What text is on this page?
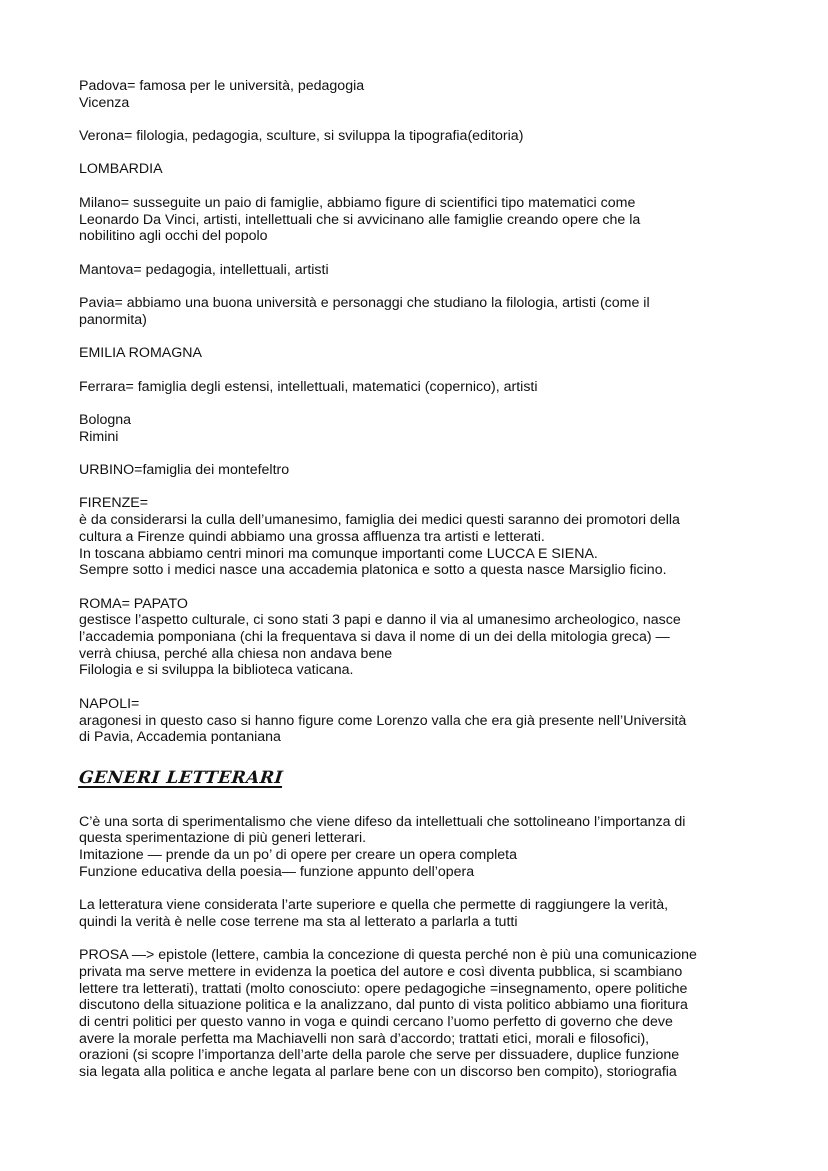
Padova= famosa per le università, pedagogia
Vicenza
Verona= filologia, pedagogia, sculture, si sviluppa la tipografia(editoria)
LOMBARDIA
Milano= susseguite un paio di famiglie, abbiamo figure di scientifici tipo matematici come
Leonardo Da Vinci, artisti, intellettuali che si avvicinano alle famiglie creando opere che la
nobilitino agli occhi del popolo
Mantova= pedagogia, intellettuali, artisti
Pavia= abbiamo una buona università e personaggi che studiano la filologia, artisti (come il
panormita)
EMILIA ROMAGNA
Ferrara= famiglia degli estensi, intellettuali, matematici (copernico), artisti
Bologna
Rimini
URBINO=famiglia dei montefeltro
FIRENZE=
è da considerarsi la culla dell’umanesimo, famiglia dei medici questi saranno dei promotori della
cultura a Firenze quindi abbiamo una grossa affluenza tra artisti e letterati.
In toscana abbiamo centri minori ma comunque importanti come LUCCA E SIENA.
Sempre sotto i medici nasce una accademia platonica e sotto a questa nasce Marsiglio ficino.
ROMA= PAPATO
gestisce l’aspetto culturale, ci sono stati 3 papi e danno il via al umanesimo archeologico, nasce
l’accademia pomponiana (chi la frequentava si dava il nome di un dei della mitologia greca) —
verrà chiusa, perché alla chiesa non andava bene
Filologia e si sviluppa la biblioteca vaticana.
NAPOLI=
aragonesi in questo caso si hanno figure come Lorenzo valla che era già presente nell’Università
di Pavia, Accademia pontaniana
GENERI LETTERARI
C’è una sorta di sperimentalismo che viene difeso da intellettuali che sottolineano l’importanza di
questa sperimentazione di più generi letterari.
Imitazione — prende da un po’ di opere per creare un opera completa
Funzione educativa della poesia— funzione appunto dell’opera
La letteratura viene considerata l’arte superiore e quella che permette di raggiungere la verità,
quindi la verità è nelle cose terrene ma sta al letterato a parlarla a tutti
PROSA —> epistole (lettere, cambia la concezione di questa perché non è più una comunicazione
privata ma serve mettere in evidenza la poetica del autore e così diventa pubblica, si scambiano
lettere tra letterati), trattati (molto conosciuto: opere pedagogiche =insegnamento, opere politiche
discutono della situazione politica e la analizzano, dal punto di vista politico abbiamo una fioritura
di centri politici per questo vanno in voga e quindi cercano l’uomo perfetto di governo che deve
avere la morale perfetta ma Machiavelli non sarà d’accordo; trattati etici, morali e filosofici),
orazioni (si scopre l’importanza dell’arte della parole che serve per dissuadere, duplice funzione
sia legata alla politica e anche legata al parlare bene con un discorso ben compito), storiografia
